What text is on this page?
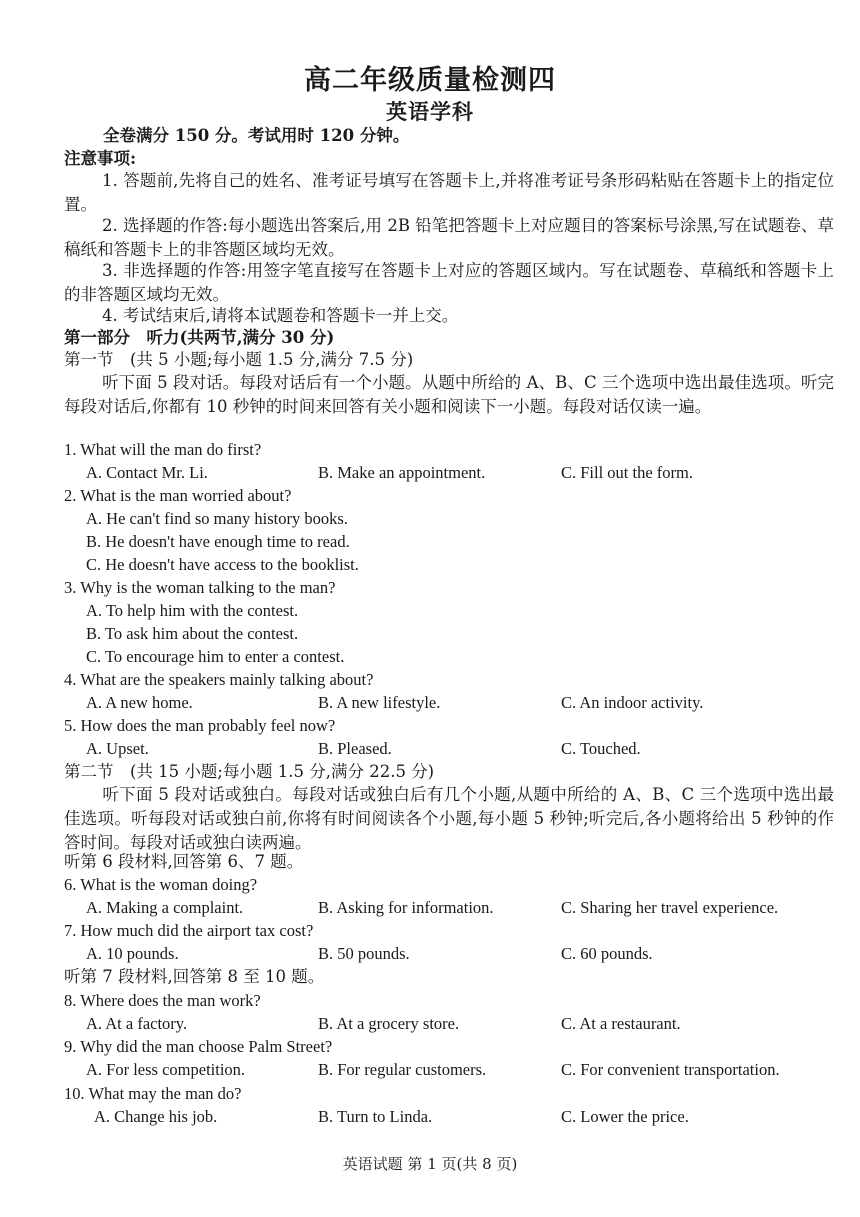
高二年级质量检测四
英语学科
全卷满分 150 分。考试用时 120 分钟。
注意事项:
1. 答题前,先将自己的姓名、准考证号填写在答题卡上,并将准考证号条形码粘贴在答题卡上的指定位置。
2. 选择题的作答:每小题选出答案后,用 2B 铅笔把答题卡上对应题目的答案标号涂黑,写在试题卷、草稿纸和答题卡上的非答题区域均无效。
3. 非选择题的作答:用签字笔直接写在答题卡上对应的答题区域内。写在试题卷、草稿纸和答题卡上的非答题区域均无效。
4. 考试结束后,请将本试题卷和答题卡一并上交。
第一部分　听力(共两节,满分 30 分)
第一节　(共 5 小题;每小题 1.5 分,满分 7.5 分)
听下面 5 段对话。每段对话后有一个小题。从题中所给的 A、B、C 三个选项中选出最佳选项。听完每段对话后,你都有 10 秒钟的时间来回答有关小题和阅读下一小题。每段对话仅读一遍。
1. What will the man do first?
A. Contact Mr. Li.	B. Make an appointment.	C. Fill out the form.
2. What is the man worried about?
A. He can't find so many history books.
B. He doesn't have enough time to read.
C. He doesn't have access to the booklist.
3. Why is the woman talking to the man?
A. To help him with the contest.
B. To ask him about the contest.
C. To encourage him to enter a contest.
4. What are the speakers mainly talking about?
A. A new home.	B. A new lifestyle.	C. An indoor activity.
5. How does the man probably feel now?
A. Upset.	B. Pleased.	C. Touched.
第二节　(共 15 小题;每小题 1.5 分,满分 22.5 分)
听下面 5 段对话或独白。每段对话或独白后有几个小题,从题中所给的 A、B、C 三个选项中选出最佳选项。听每段对话或独白前,你将有时间阅读各个小题,每小题 5 秒钟;听完后,各小题将给出 5 秒钟的作答时间。每段对话或独白读两遍。
听第 6 段材料,回答第 6、7 题。
6. What is the woman doing?
A. Making a complaint.	B. Asking for information.	C. Sharing her travel experience.
7. How much did the airport tax cost?
A. 10 pounds.	B. 50 pounds.	C. 60 pounds.
听第 7 段材料,回答第 8 至 10 题。
8. Where does the man work?
A. At a factory.	B. At a grocery store.	C. At a restaurant.
9. Why did the man choose Palm Street?
A. For less competition.	B. For regular customers.	C. For convenient transportation.
10. What may the man do?
A. Change his job.	B. Turn to Linda.	C. Lower the price.
英语试题 第 1 页(共 8 页)
